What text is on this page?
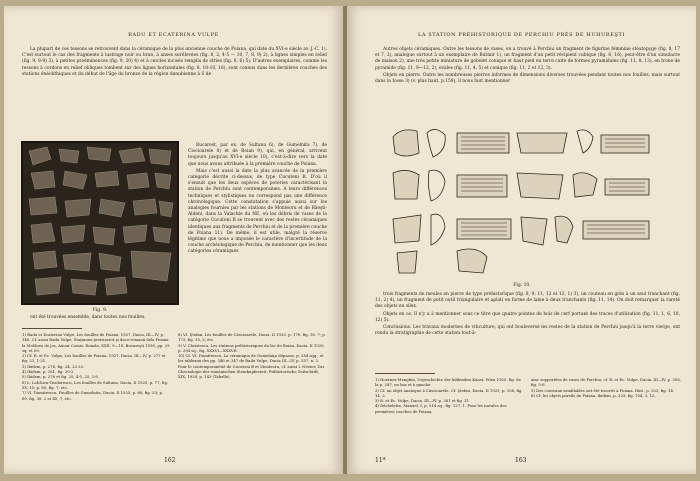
RADU ET ECATERINA VULPE

La plupart de ces tessons se retrouvent dans la céramique de la plus ancienne couche de Poiana, qui date du XVI-e siècle av. J.-C. 1). C'est surtout le cas des fragments à lustrage noir ou brun, à anses surélevées (fig. 8, 2, 4-5 — 10, 7, 8, 9) 2), à lignes simples en relief (fig. 9, 8-9) 3), à petites proéminences (fig. 9, 20) 4) et à cercles incisés remplis de stries (fig. 8, 6) 5). D'autres exemplaires, comme les tessons à cordons en relief obliques tombent sur des lignes horizontales (fig. 8, 18-10, 16), sont connus dans les dernières couches des stations énéolithiques et du début de l'âge du bronze de la région danubienne à S de

Fig. 9.

Bucarest, par ex. de Sultana 6), de Gumelnita 7), de Ciocioarele 8) et de Boian 9), qui, en général, arrivent toujours jusqu'au XVI-e siècle 10), c'est-à-dire vers la date que nous avons attribuée à la première couche de Poiana.

Mais c'est aussi la date la plus avancée de la première catégorie décrite ci-dessus, de type Cucuteni B. D'où il s'ensuit que les deux espèces de poteries caractérisant la station de Perchiu sont contemporaines. A leurs différences techniques et stylistiques ne correspond pas une différence chronologique. Cette constatation s'appuie aussi sur les analogies fournies par les stations de Monteoru et de Băeşti-Aldeni, dans la Valachie du NE, où les débris de vases de la catégorie Cucuteni B se trouvent avec des restes céramiques identiques aux fragments de Perchiu et de la première couche de Poiana 11). De même, il est utile, malgré la réserve légitime que nous a imposée le caractère d'incertitude de la couche archéologique de Perchiu, de mentionner que les deux catégories céramiques

ont été trouvées ensemble, dans toutes nos fouilles.

1) Radu et Ecaterina Vulpe, Les fouilles de Poiana, 1927, Dacia, III—IV, p. 146. Cf. aussi Radu Vulpe, Staţiunea preistorică şi daco-romană dela Poiana la Moldova de jos, Anuar Comis. Român, XXII, 9—18, Bucureşti 1930, pp. 29 sq. et 59.
2) Cf. R. et Ec. Vulpe, Les fouilles de Poiana, 1927, Dacia, III—IV, p. 277 et fig. 23, 1-21.
3) Ibidem, p. 276, fig. 24, 22-25.
4) Ibidem, p. 281, fig. 30-2.
5) Ibidem, p. 276 et fig. 25, 4-5, 25, 2-8.
6) L. Lolchicu-Teodorescu, Les fouilles de Sultana, Dacia, II 1925, p. 77, fig. XV, 15; p. 80, fig. 7; etc.
7) VI. Dumitrescu, Fouilles de Gumelnita, Dacia, II 1925, p. 66, fig. 53; p. 69, fig. 38, 2 et 40, 7; etc.
8) VI. Ştefan, Les fouilles de Căscioarele, Dacia, II 1925, p. 170, fig. 30, 7; p. 173, fig. 35, 2; etc.
9) V. Christescu, Les stations préhistoriques du lac de Boian, Dacia, II 1925, p. 294 sq., fig. XXXVI—XXXVII.
10) Cf. VI. Dumitrescu, La céramique de Gumelniţa dépasse, p. 284 sqq., et les tableaux des pp. 346 et 347 de Radu Vulpe, Dacia III—IV, p. 357, n. 2. Pour le contemporanéité de Cucuteni B et Monteoru, cf. aussi I. Nestor, Zur Chronologie der rumänischen Steinkupferzeit, Prähistorische Zeitschrift, XIX, 1928, p. 143 (Tabelle).
162
LA STATION PRÉHISTORIQUE DE PERCHIU PRÈS DE HUHUREŞTI

Autres objets céramiques. Outre les tessons de vases, on a trouvé à Perchiu un fragment de figurine féminine stéatopyge (fig. 8, 17 et 7, 2), analogue surtout à un exemplaire de Butmir 1), un fragment d'un petit récipient cubique (fig. 6, 16), peut-être d'un simulacre de maison 2), une très petite miniature de gobelet conique et haut pied en terre cuite de formes pyramidales (fig. 11, 8, 13), en trone de pyramide (fig. 11, 9—12, 2), ovales (fig. 11, 4, 5) et conique (fig. 11, 2 et 12, 3).

Objets en pierre. Outre les nombreuses pierres informes de dimensions diverses trouvées pendant toutes nos fouilles, mais surtout dans la fosse 3) (v. plus haut, p.159), il nous faut mentionner

Fig. 10.

trois fragments de meules en pierre de type préhistorique (fig. 8, 9; 11, 12 et 12, 1) 3), un couteau en grès à un seul tranchant (fig. 11, 2) 4), un fragment de petit outil triangulaire et aplati en forme de lame à deux tranchants (fig. 11, 14). On doit remarquer la rareté des objets en silex.

Objets en os. Il n'y a à mentionner sous ce titre que quatre pointes de bois de cerf portant des traces d'utilisation (fig. 11, 1, 6, 10, 12) 5).

Conclusions. Les travaux modernes de viticulture, qui ont bouleversé les restes de la station de Perchiu jusqu'à la terre vierge, ont rendu la stratigraphie de cette station tout-à-

1) Hoernes-Menghin, Urgeschichte der bildenden Kunst, Wien 1925, fig. de la p. 287, en bas et à gauche.
2) Cf. un objet analogue à Căscioarele. Cf. Ştefan, Dacia, II 1925, p. 156, fig. 14, 2.
3) R. et Ec. Vulpe, Dacia, III—IV, p. 281 et fig. 31.
4) Déchelette, Manuel, I, p. 514 sq., fig. 127, 1. Pour les navales des premières couches de Poiana,
ainc supportées de vases de Perchiu, cf. R. et Ec. Vulpe, Dacia, III—IV, p. 306, fig. 5-6.
5) Des couteaux semblables ont été trouvés à Poiana. Ibid., p. 323, fig. 14.
6) Cf. les objets pareils de Poiana, ibidem, p. 323, fig. 104, 3, 12.
11*	163
